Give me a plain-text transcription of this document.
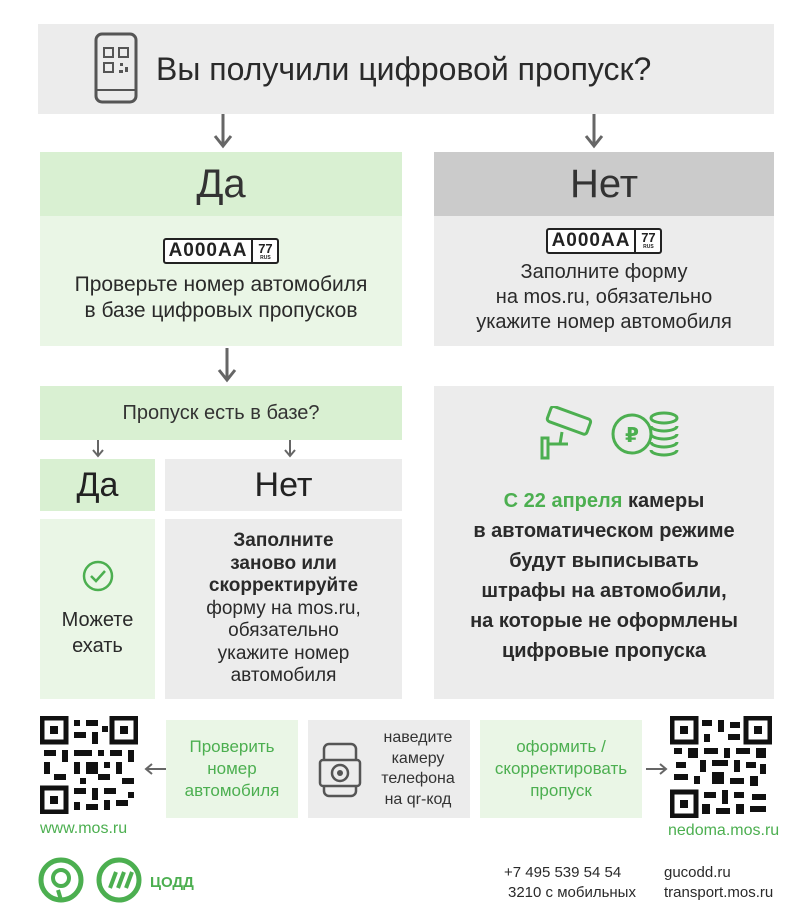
Вы получили цифровой пропуск?
Да
А000АА 77
RUS
Проверьте номер автомобиля
в базе цифровых пропусков
Нет
А000АА 77
RUS
Заполните форму
на mos.ru, обязательно
укажите номер автомобиля
Пропуск есть в базе?
Да
Можете
ехать
Нет
Заполните
заново или
скорректируйте
форму на mos.ru,
обязательно
укажите номер
автомобиля
₽
С 22 апреля камеры
в автоматическом режиме
будут выписывать
штрафы на автомобили,
на которые не оформлены
цифровые пропуска
www.mos.ru
Проверить
номер
автомобиля
наведите
камеру
телефона
на qr-код
оформить /
скорректировать
пропуск
nedoma.mos.ru
ЦОДД
+7 495 539 54 54
3210 с мобильных
gucodd.ru
transport.mos.ru
